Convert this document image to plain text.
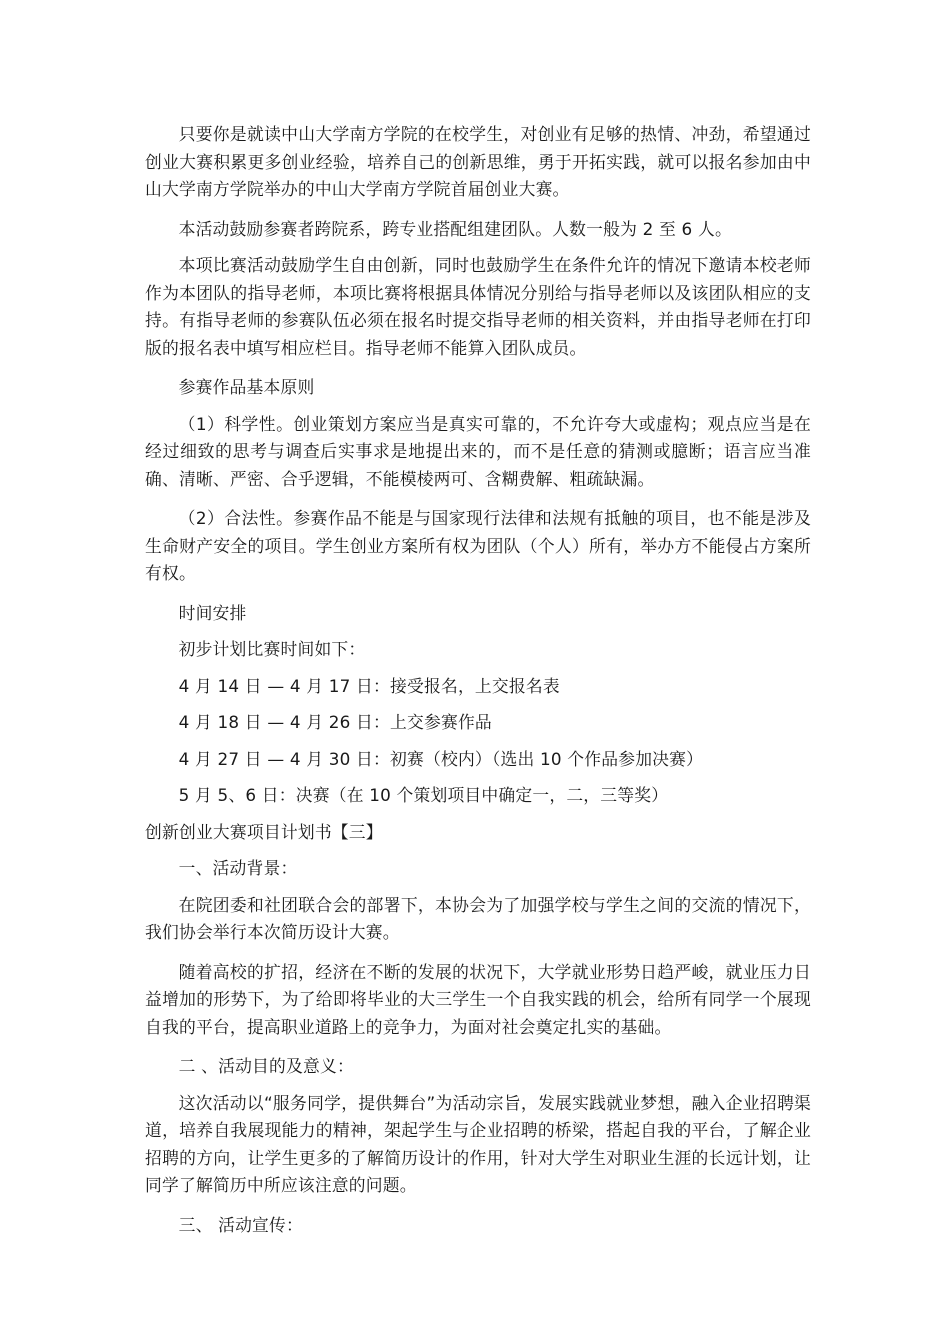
只要你是就读中山大学南方学院的在校学生，对创业有足够的热情、冲劲，希望通过创业大赛积累更多创业经验，培养自己的创新思维，勇于开拓实践，就可以报名参加由中山大学南方学院举办的中山大学南方学院首届创业大赛。

本活动鼓励参赛者跨院系，跨专业搭配组建团队。人数一般为 2 至 6 人。

本项比赛活动鼓励学生自由创新，同时也鼓励学生在条件允许的情况下邀请本校老师作为本团队的指导老师，本项比赛将根据具体情况分别给与指导老师以及该团队相应的支持。有指导老师的参赛队伍必须在报名时提交指导老师的相关资料，并由指导老师在打印版的报名表中填写相应栏目。指导老师不能算入团队成员。

参赛作品基本原则

（1）科学性。创业策划方案应当是真实可靠的，不允许夸大或虚构；观点应当是在经过细致的思考与调查后实事求是地提出来的，而不是任意的猜测或臆断；语言应当准确、清晰、严密、合乎逻辑，不能模棱两可、含糊费解、粗疏缺漏。

（2）合法性。参赛作品不能是与国家现行法律和法规有抵触的项目，也不能是涉及生命财产安全的项目。学生创业方案所有权为团队（个人）所有，举办方不能侵占方案所有权。

时间安排

初步计划比赛时间如下：

4 月 14 日 — 4 月 17 日：接受报名，上交报名表

4 月 18 日 — 4 月 26 日：上交参赛作品

4 月 27 日 — 4 月 30 日：初赛（校内）（选出 10 个作品参加决赛）

5 月 5、6 日：决赛（在 10 个策划项目中确定一，二，三等奖）

创新创业大赛项目计划书【三】

一、活动背景：

在院团委和社团联合会的部署下，本协会为了加强学校与学生之间的交流的情况下，我们协会举行本次简历设计大赛。

随着高校的扩招，经济在不断的发展的状况下，大学就业形势日趋严峻，就业压力日益增加的形势下，为了给即将毕业的大三学生一个自我实践的机会，给所有同学一个展现自我的平台，提高职业道路上的竞争力，为面对社会奠定扎实的基础。

二 、活动目的及意义：

这次活动以“服务同学，提供舞台”为活动宗旨，发展实践就业梦想，融入企业招聘渠道，培养自我展现能力的精神，架起学生与企业招聘的桥梁，搭起自我的平台，了解企业招聘的方向，让学生更多的了解简历设计的作用，针对大学生对职业生涯的长远计划，让同学了解简历中所应该注意的问题。

三、 活动宣传：
